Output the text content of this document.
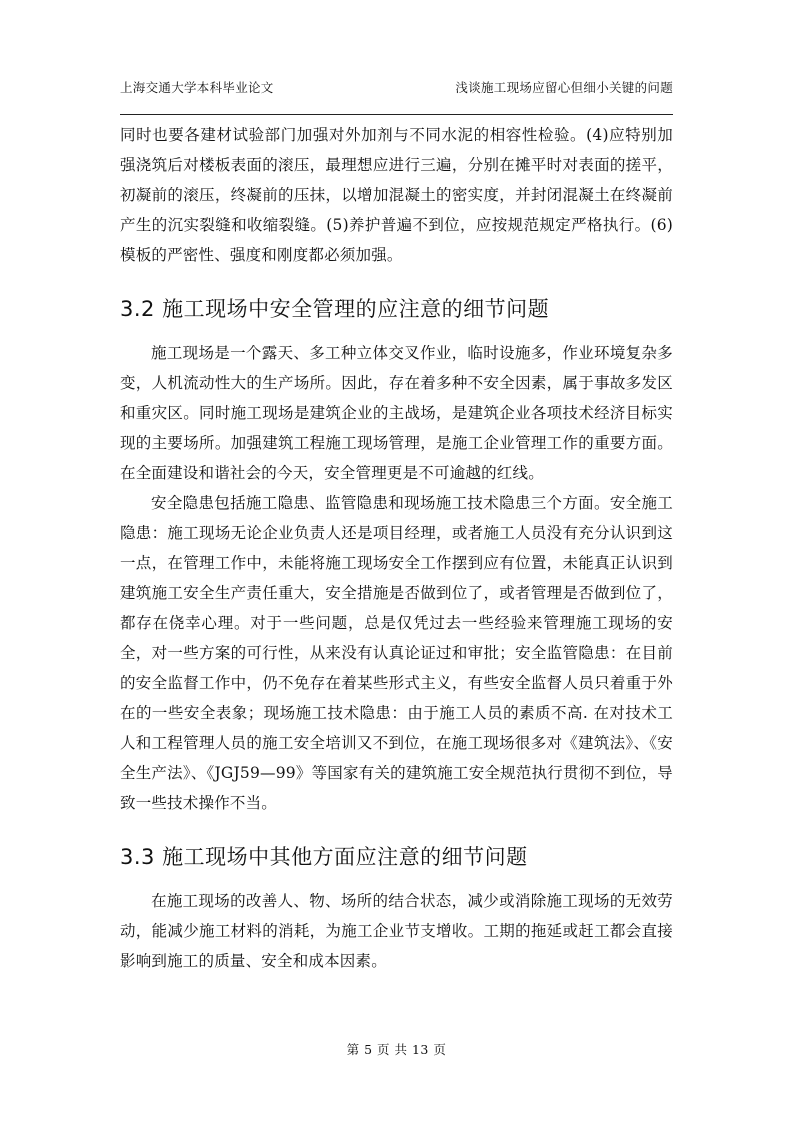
上海交通大学本科毕业论文	浅谈施工现场应留心但细小关键的问题

同时也要各建材试验部门加强对外加剂与不同水泥的相容性检验。(4)应特别加强浇筑后对楼板表面的滚压，最理想应进行三遍，分别在摊平时对表面的搓平，初凝前的滚压，终凝前的压抹，以增加混凝土的密实度，并封闭混凝土在终凝前产生的沉实裂缝和收缩裂缝。(5)养护普遍不到位，应按规范规定严格执行。(6)模板的严密性、强度和刚度都必须加强。

3.2 施工现场中安全管理的应注意的细节问题

施工现场是一个露天、多工种立体交叉作业，临时设施多，作业环境复杂多变，人机流动性大的生产场所。因此，存在着多种不安全因素，属于事故多发区和重灾区。同时施工现场是建筑企业的主战场，是建筑企业各项技术经济目标实现的主要场所。加强建筑工程施工现场管理，是施工企业管理工作的重要方面。在全面建设和谐社会的今天，安全管理更是不可逾越的红线。

安全隐患包括施工隐患、监管隐患和现场施工技术隐患三个方面。安全施工隐患：施工现场无论企业负责人还是项目经理，或者施工人员没有充分认识到这一点，在管理工作中，未能将施工现场安全工作摆到应有位置，未能真正认识到建筑施工安全生产责任重大，安全措施是否做到位了，或者管理是否做到位了，都存在侥幸心理。对于一些问题，总是仅凭过去一些经验来管理施工现场的安全，对一些方案的可行性，从来没有认真论证过和审批；安全监管隐患：在目前的安全监督工作中，仍不免存在着某些形式主义，有些安全监督人员只着重于外在的一些安全表象；现场施工技术隐患：由于施工人员的素质不高. 在对技术工人和工程管理人员的施工安全培训又不到位，在施工现场很多对《建筑法》、《安全生产法》、《JGJ59—99》等国家有关的建筑施工安全规范执行贯彻不到位，导致一些技术操作不当。

3.3 施工现场中其他方面应注意的细节问题

在施工现场的改善人、物、场所的结合状态，减少或消除施工现场的无效劳动，能减少施工材料的消耗，为施工企业节支增收。工期的拖延或赶工都会直接影响到施工的质量、安全和成本因素。

第 5 页 共 13 页
